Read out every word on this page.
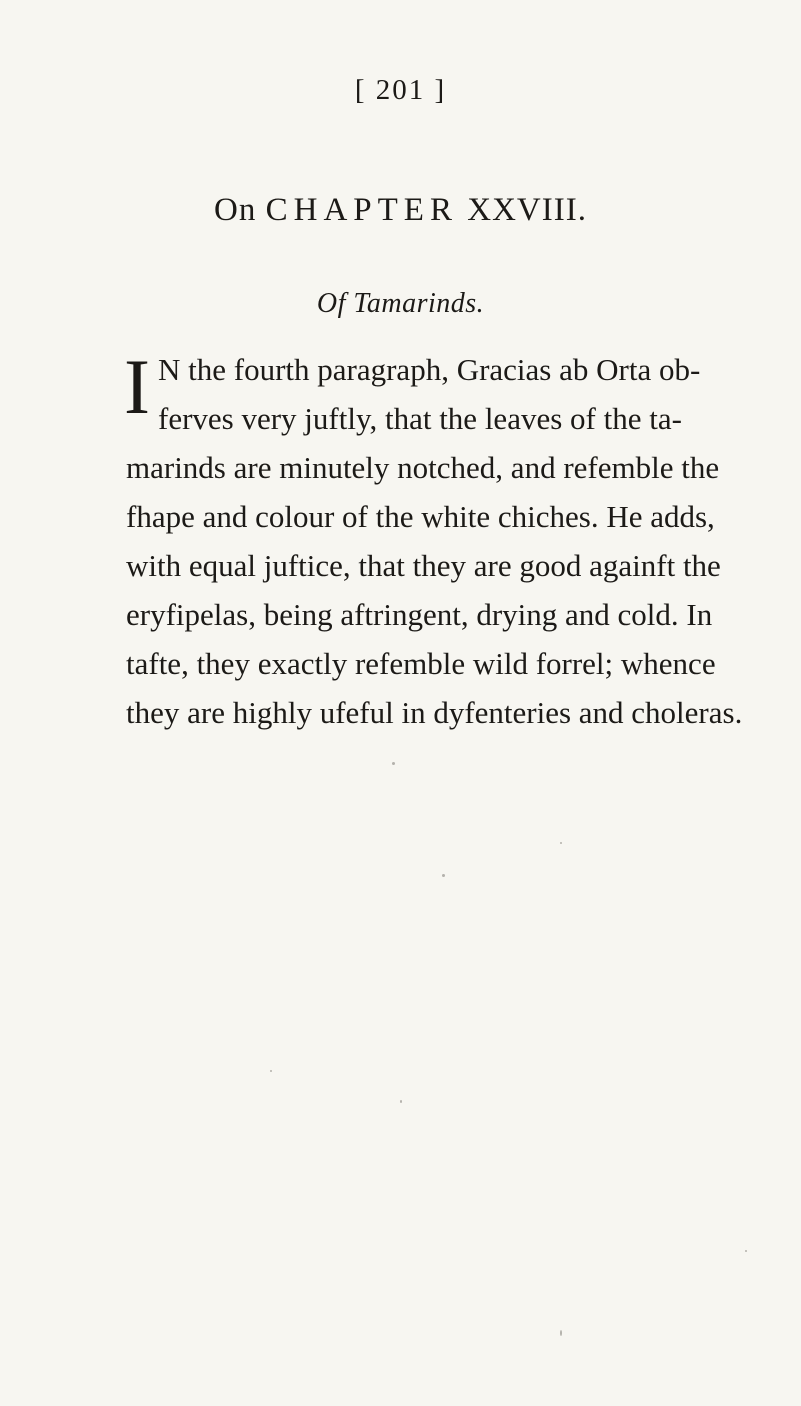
[ 201 ]
On CHAPTER XXVIII.
Of Tamarinds.
I N the fourth paragraph, Gracias ab Orta ob-
ferves very juftly, that the leaves of the ta-
marinds are minutely notched, and refemble the
fhape and colour of the white chiches. He adds,
with equal juftice, that they are good againft the
eryfipelas, being aftringent, drying and cold. In
tafte, they exactly refemble wild forrel; whence
they are highly ufeful in dyfenteries and choleras.
